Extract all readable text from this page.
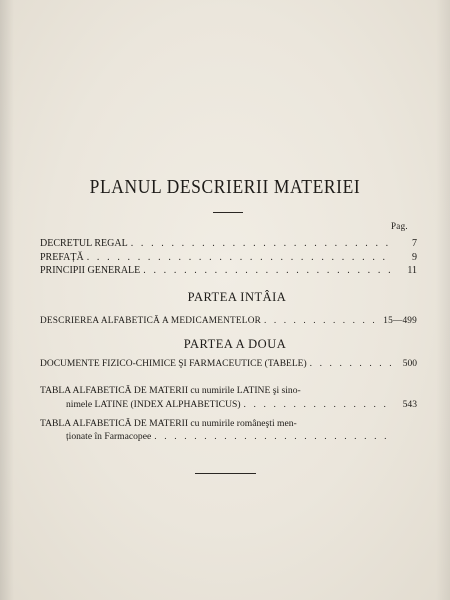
PLANUL DESCRIERII MATERIEI
Pag.
DECRETUL REGAL . . .	7
PREFAȚĂ . . .	9
PRINCIPII GENERALE . . .	11
PARTEA INTÂIA
DESCRIEREA ALFABETICĂ A MEDICAMENTELOR . . .	15—499
PARTEA A DOUA
DOCUMENTE FIZICO-CHIMICE ŞI FARMACEUTICE (TABELE) . . .	500
TABLA ALFABETICĂ DE MATERII cu numirile LATINE şi sino-
nimele LATINE (INDEX ALPHABETICUS) . . .	543
TABLA ALFABETICĂ DE MATERII cu numirile româneşti men-
ționate în Farmacopee
. . .
